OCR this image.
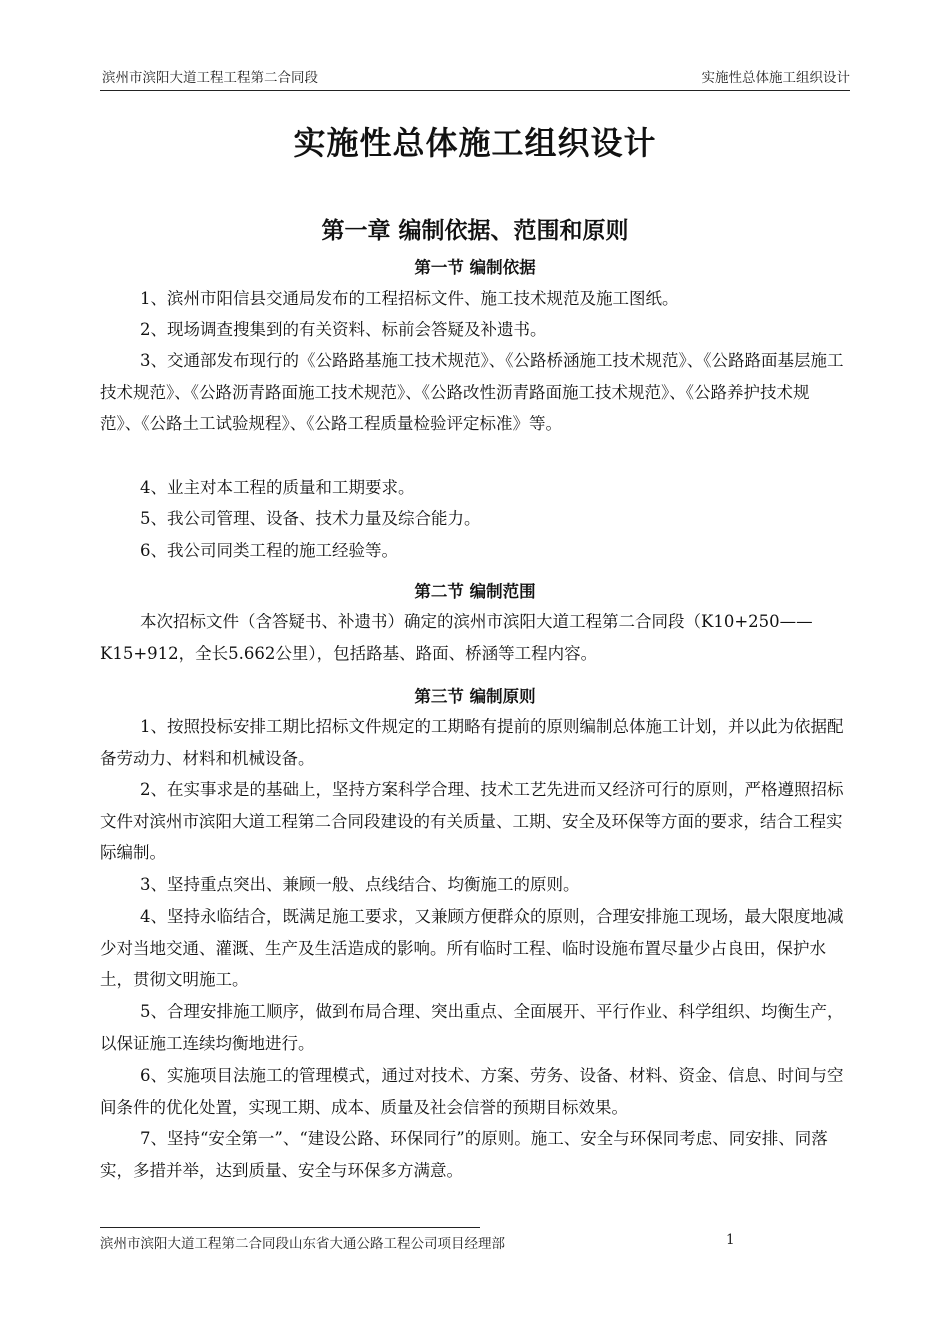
滨州市滨阳大道工程工程第二合同段	实施性总体施工组织设计
实施性总体施工组织设计
第一章 编制依据、范围和原则
第一节 编制依据

1、滨州市阳信县交通局发布的工程招标文件、施工技术规范及施工图纸。

2、现场调查搜集到的有关资料、标前会答疑及补遗书。

3、交通部发布现行的《公路路基施工技术规范》、《公路桥涵施工技术规范》、《公路路面基层施工技术规范》、《公路沥青路面施工技术规范》、《公路改性沥青路面施工技术规范》、《公路养护技术规范》、《公路土工试验规程》、《公路工程质量检验评定标准》等。

4、业主对本工程的质量和工期要求。

5、我公司管理、设备、技术力量及综合能力。

6、我公司同类工程的施工经验等。

第二节 编制范围

本次招标文件（含答疑书、补遗书）确定的滨州市滨阳大道工程第二合同段（K10+250——K15+912，全长5.662公里），包括路基、路面、桥涵等工程内容。

第三节 编制原则

1、按照投标安排工期比招标文件规定的工期略有提前的原则编制总体施工计划，并以此为依据配备劳动力、材料和机械设备。

2、在实事求是的基础上，坚持方案科学合理、技术工艺先进而又经济可行的原则，严格遵照招标文件对滨州市滨阳大道工程第二合同段建设的有关质量、工期、安全及环保等方面的要求，结合工程实际编制。

3、坚持重点突出、兼顾一般、点线结合、均衡施工的原则。

4、坚持永临结合，既满足施工要求，又兼顾方便群众的原则，合理安排施工现场，最大限度地减少对当地交通、灌溉、生产及生活造成的影响。所有临时工程、临时设施布置尽量少占良田，保护水土，贯彻文明施工。

5、合理安排施工顺序，做到布局合理、突出重点、全面展开、平行作业、科学组织、均衡生产，以保证施工连续均衡地进行。

6、实施项目法施工的管理模式，通过对技术、方案、劳务、设备、材料、资金、信息、时间与空间条件的优化处置，实现工期、成本、质量及社会信誉的预期目标效果。

7、坚持“安全第一”、“建设公路、环保同行”的原则。施工、安全与环保同考虑、同安排、同落实，多措并举，达到质量、安全与环保多方满意。

滨州市滨阳大道工程第二合同段山东省大通公路工程公司项目经理部	1
